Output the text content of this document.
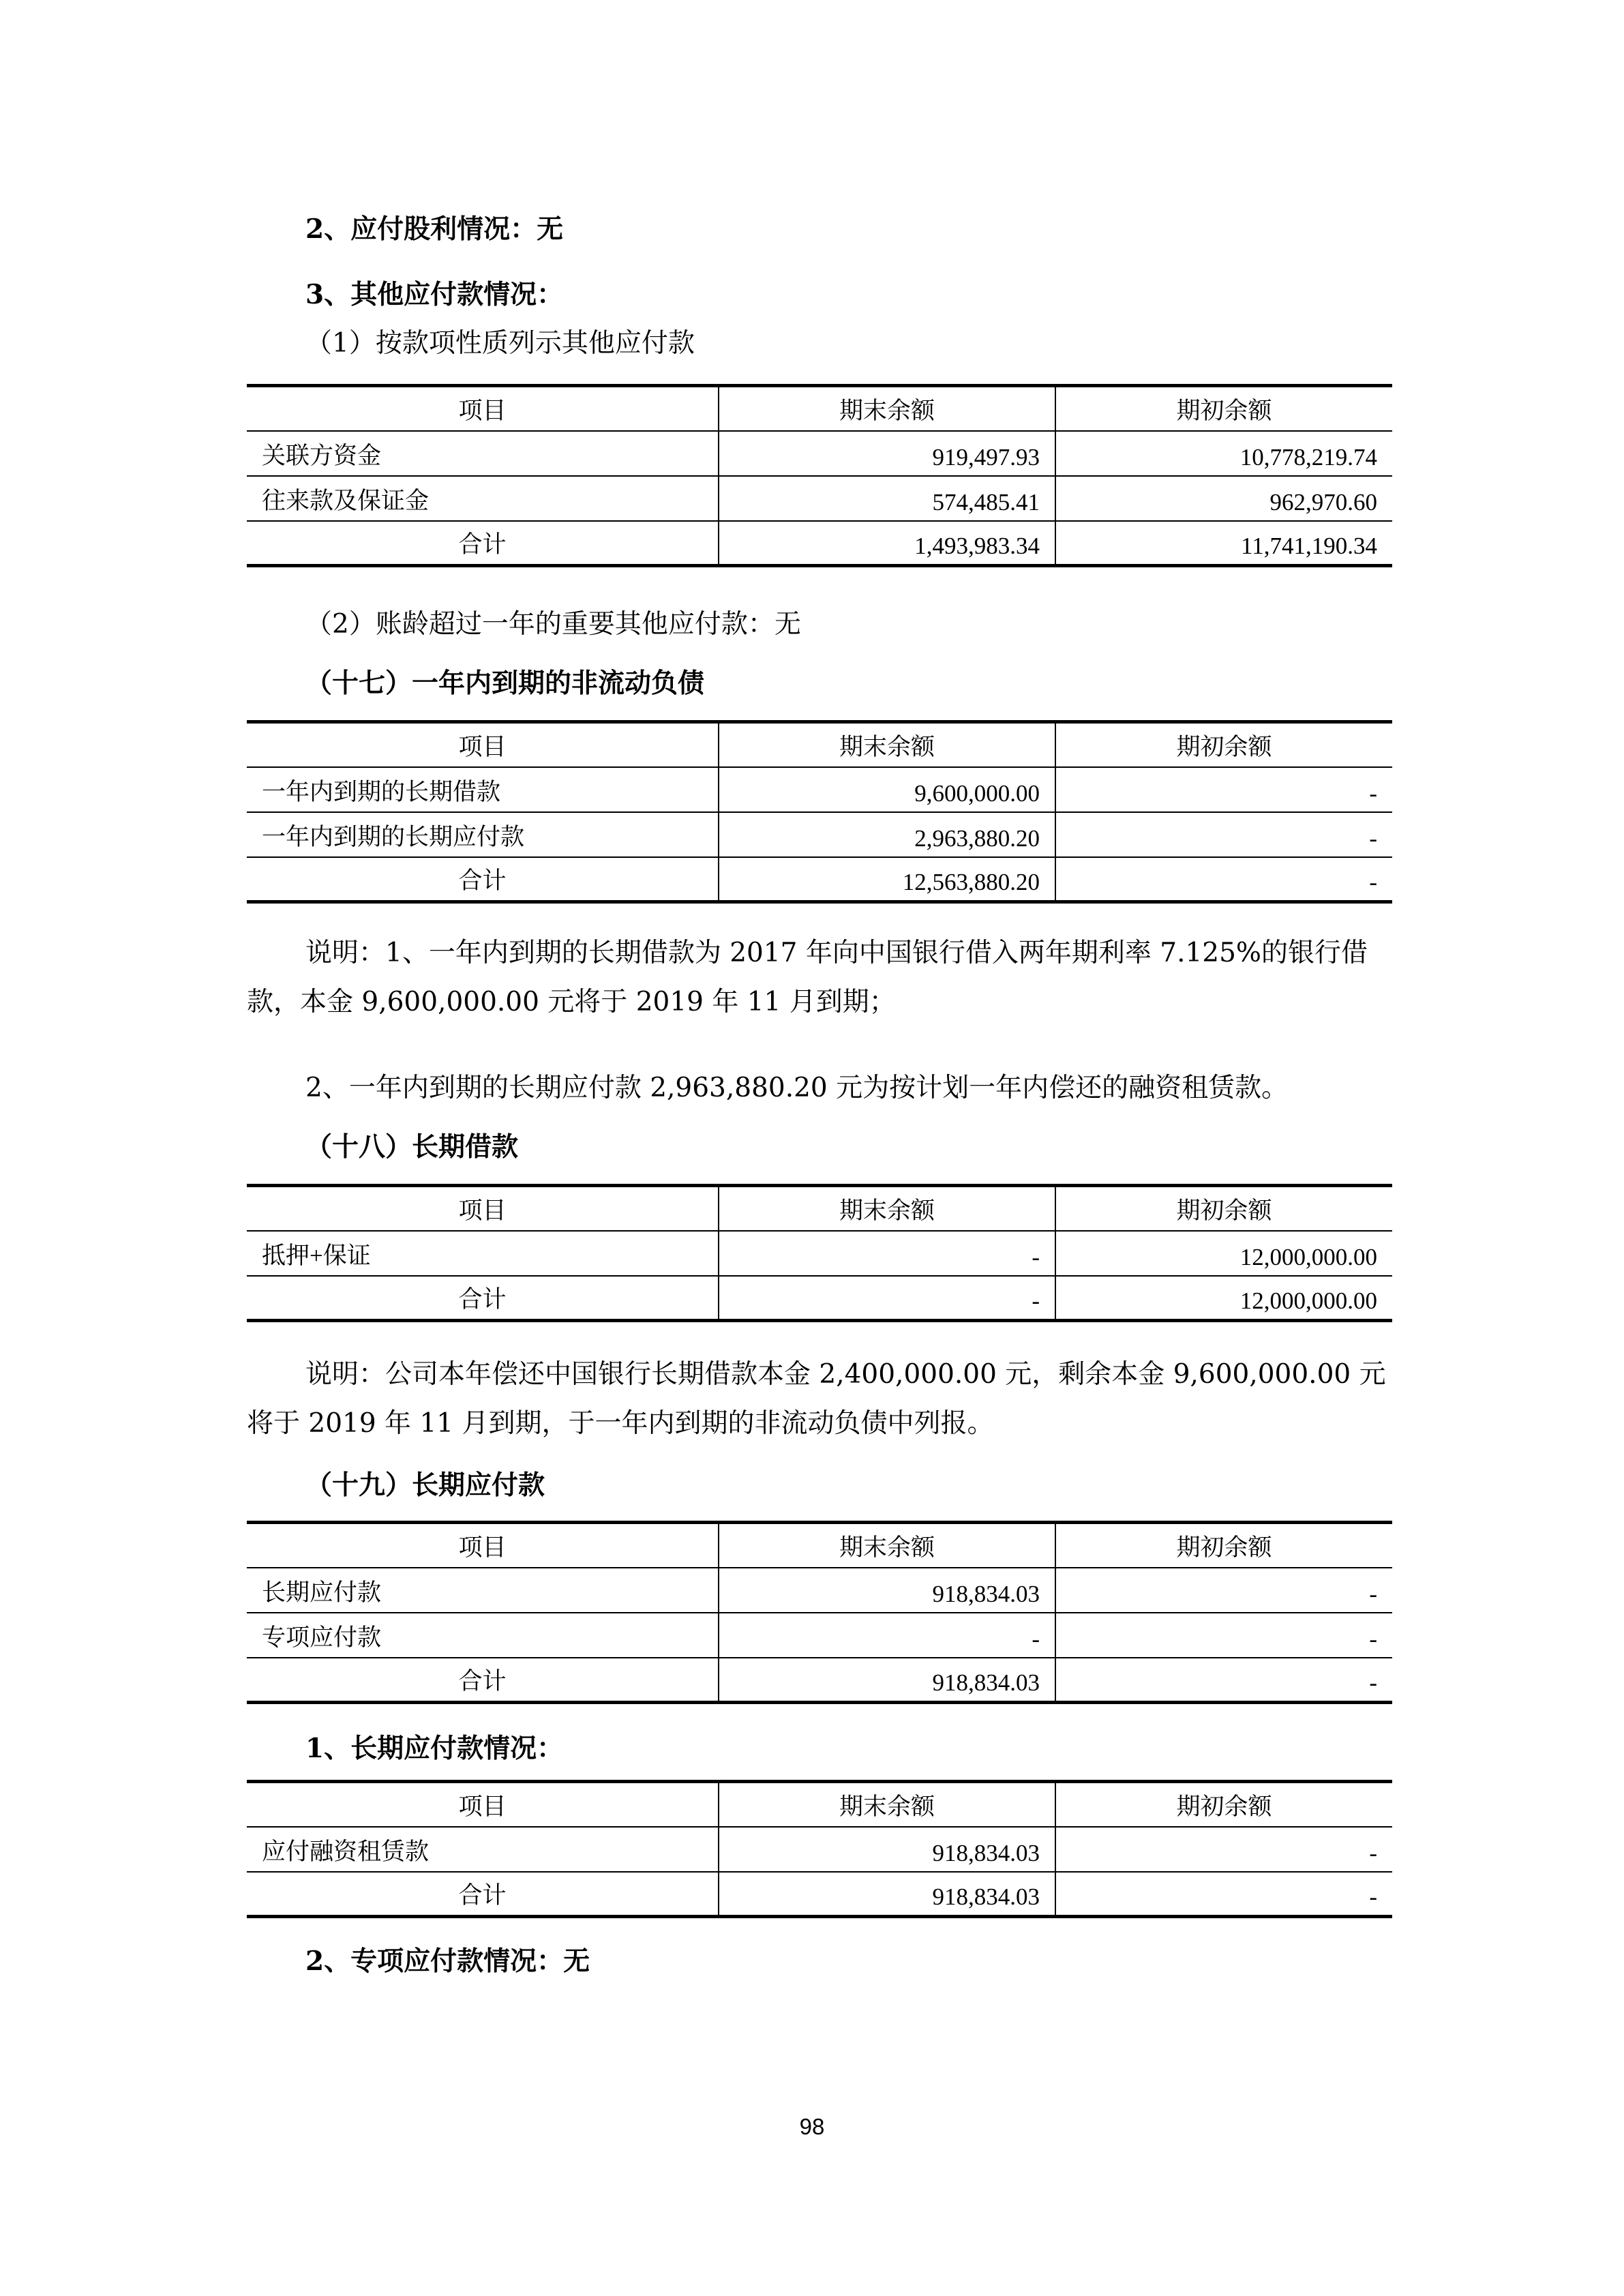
2、应付股利情况：无
3、其他应付款情况：
（1）按款项性质列示其他应付款
项目	期末余额	期初余额
关联方资金	919,497.93	10,778,219.74
往来款及保证金	574,485.41	962,970.60
合计	1,493,983.34	11,741,190.34
（2）账龄超过一年的重要其他应付款：无
（十七）一年内到期的非流动负债
项目	期末余额	期初余额
一年内到期的长期借款	9,600,000.00	-
一年内到期的长期应付款	2,963,880.20	-
合计	12,563,880.20	-
说明：1、一年内到期的长期借款为 2017 年向中国银行借入两年期利率 7.125%的银行借款，本金 9,600,000.00 元将于 2019 年 11 月到期；
2、一年内到期的长期应付款 2,963,880.20 元为按计划一年内偿还的融资租赁款。
（十八）长期借款
项目	期末余额	期初余额
抵押+保证	-	12,000,000.00
合计	-	12,000,000.00
说明：公司本年偿还中国银行长期借款本金 2,400,000.00 元，剩余本金 9,600,000.00 元将于 2019 年 11 月到期，于一年内到期的非流动负债中列报。
（十九）长期应付款
项目	期末余额	期初余额
长期应付款	918,834.03	-
专项应付款	-	-
合计	918,834.03	-
1、长期应付款情况：
项目	期末余额	期初余额
应付融资租赁款	918,834.03	-
合计	918,834.03	-
2、专项应付款情况：无
98
